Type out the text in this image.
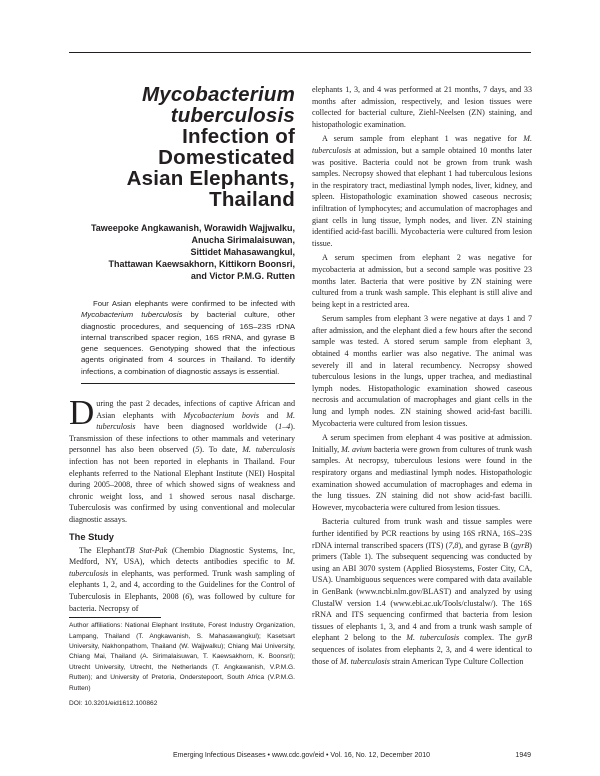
Mycobacterium
tuberculosis
Infection of
Domesticated
Asian Elephants,
Thailand
Taweepoke Angkawanish, Worawidh Wajjwalku,
Anucha Sirimalaisuwan,
Sittidet Mahasawangkul,
Thattawan Kaewsakhorn, Kittikorn Boonsri,
and Victor P.M.G. Rutten
Four Asian elephants were confirmed to be infected with Mycobacterium tuberculosis by bacterial culture, other diagnostic procedures, and sequencing of 16S–23S rDNA internal transcribed spacer region, 16S rRNA, and gyrase B gene sequences. Genotyping showed that the infectious agents originated from 4 sources in Thailand. To identify infections, a combination of diagnostic assays is essential.

During the past 2 decades, infections of captive African and Asian elephants with Mycobacterium bovis and M. tuberculosis have been diagnosed worldwide (1–4). Transmission of these infections to other mammals and veterinary personnel has also been observed (5). To date, M. tuberculosis infection has not been reported in elephants in Thailand. Four elephants referred to the National Elephant Institute (NEI) Hospital during 2005–2008, three of which showed signs of weakness and chronic weight loss, and 1 showed serous nasal discharge. Tuberculosis was confirmed by using conventional and molecular diagnostic assays.

The Study

The ElephantTB Stat-Pak (Chembio Diagnostic Systems, Inc, Medford, NY, USA), which detects antibodies specific to M. tuberculosis in elephants, was performed. Trunk wash sampling of elephants 1, 2, and 4, according to the Guidelines for the Control of Tuberculosis in Elephants, 2008 (6), was followed by culture for bacteria. Necropsy of

Author affiliations: National Elephant Institute, Forest Industry Organization, Lampang, Thailand (T. Angkawanish, S. Mahasawangkul); Kasetsart University, Nakhonpathom, Thailand (W. Wajjwalku); Chiang Mai University, Chiang Mai, Thailand (A. Sirimalaisuwan, T. Kaewsakhorn, K. Boonsri); Utrecht University, Utrecht, the Netherlands (T. Angkawanish, V.P.M.G. Rutten); and University of Pretoria, Onderstepoort, South Africa (V.P.M.G. Rutten)
DOI: 10.3201/eid1612.100862

elephants 1, 3, and 4 was performed at 21 months, 7 days, and 33 months after admission, respectively, and lesion tissues were collected for bacterial culture, Ziehl-Neelsen (ZN) staining, and histopathologic examination.

A serum sample from elephant 1 was negative for M. tuberculosis at admission, but a sample obtained 10 months later was positive. Bacteria could not be grown from trunk wash samples. Necropsy showed that elephant 1 had tuberculous lesions in the respiratory tract, mediastinal lymph nodes, liver, kidney, and spleen. Histopathologic examination showed caseous necrosis; infiltration of lymphocytes; and accumulation of macrophages and giant cells in lung tissue, lymph nodes, and liver. ZN staining identified acid-fast bacilli. Mycobacteria were cultured from lesion tissue.

A serum specimen from elephant 2 was negative for mycobacteria at admission, but a second sample was positive 23 months later. Bacteria that were positive by ZN staining were cultured from a trunk wash sample. This elephant is still alive and being kept in a restricted area.

Serum samples from elephant 3 were negative at days 1 and 7 after admission, and the elephant died a few hours after the second sample was tested. A stored serum sample from elephant 3, obtained 4 months earlier was also negative. The animal was severely ill and in lateral recumbency. Necropsy showed tuberculous lesions in the lungs, upper trachea, and mediastinal lymph nodes. Histopathologic examination showed caseous necrosis and accumulation of macrophages and giant cells in the lung and lymph nodes. ZN staining showed acid-fast bacilli. Mycobacteria were cultured from lesion tissues.

A serum specimen from elephant 4 was positive at admission. Initially, M. avium bacteria were grown from cultures of trunk wash samples. At necropsy, tuberculous lesions were found in the respiratory organs and mediastinal lymph nodes. Histopathologic examination showed accumulation of macrophages and edema in the lung tissues. ZN staining did not show acid-fast bacilli. However, mycobacteria were cultured from lesion tissues.

Bacteria cultured from trunk wash and tissue samples were further identified by PCR reactions by using 16S rRNA, 16S–23S rDNA internal transcribed spacers (ITS) (7,8), and gyrase B (gyrB) primers (Table 1). The subsequent sequencing was conducted by using an ABI 3070 system (Applied Biosystems, Foster City, CA, USA). Unambiguous sequences were compared with data available in GenBank (www.ncbi.nlm.gov/BLAST) and analyzed by using ClustalW version 1.4 (www.ebi.ac.uk/Tools/clustalw/). The 16S rRNA and ITS sequencing confirmed that bacteria from lesion tissues of elephants 1, 3, and 4 and from a trunk wash sample of elephant 2 belong to the M. tuberculosis complex. The gyrB sequences of isolates from elephants 2, 3, and 4 were identical to those of M. tuberculosis strain American Type Culture Collection

Emerging Infectious Diseases • www.cdc.gov/eid • Vol. 16, No. 12, December 2010	1949
